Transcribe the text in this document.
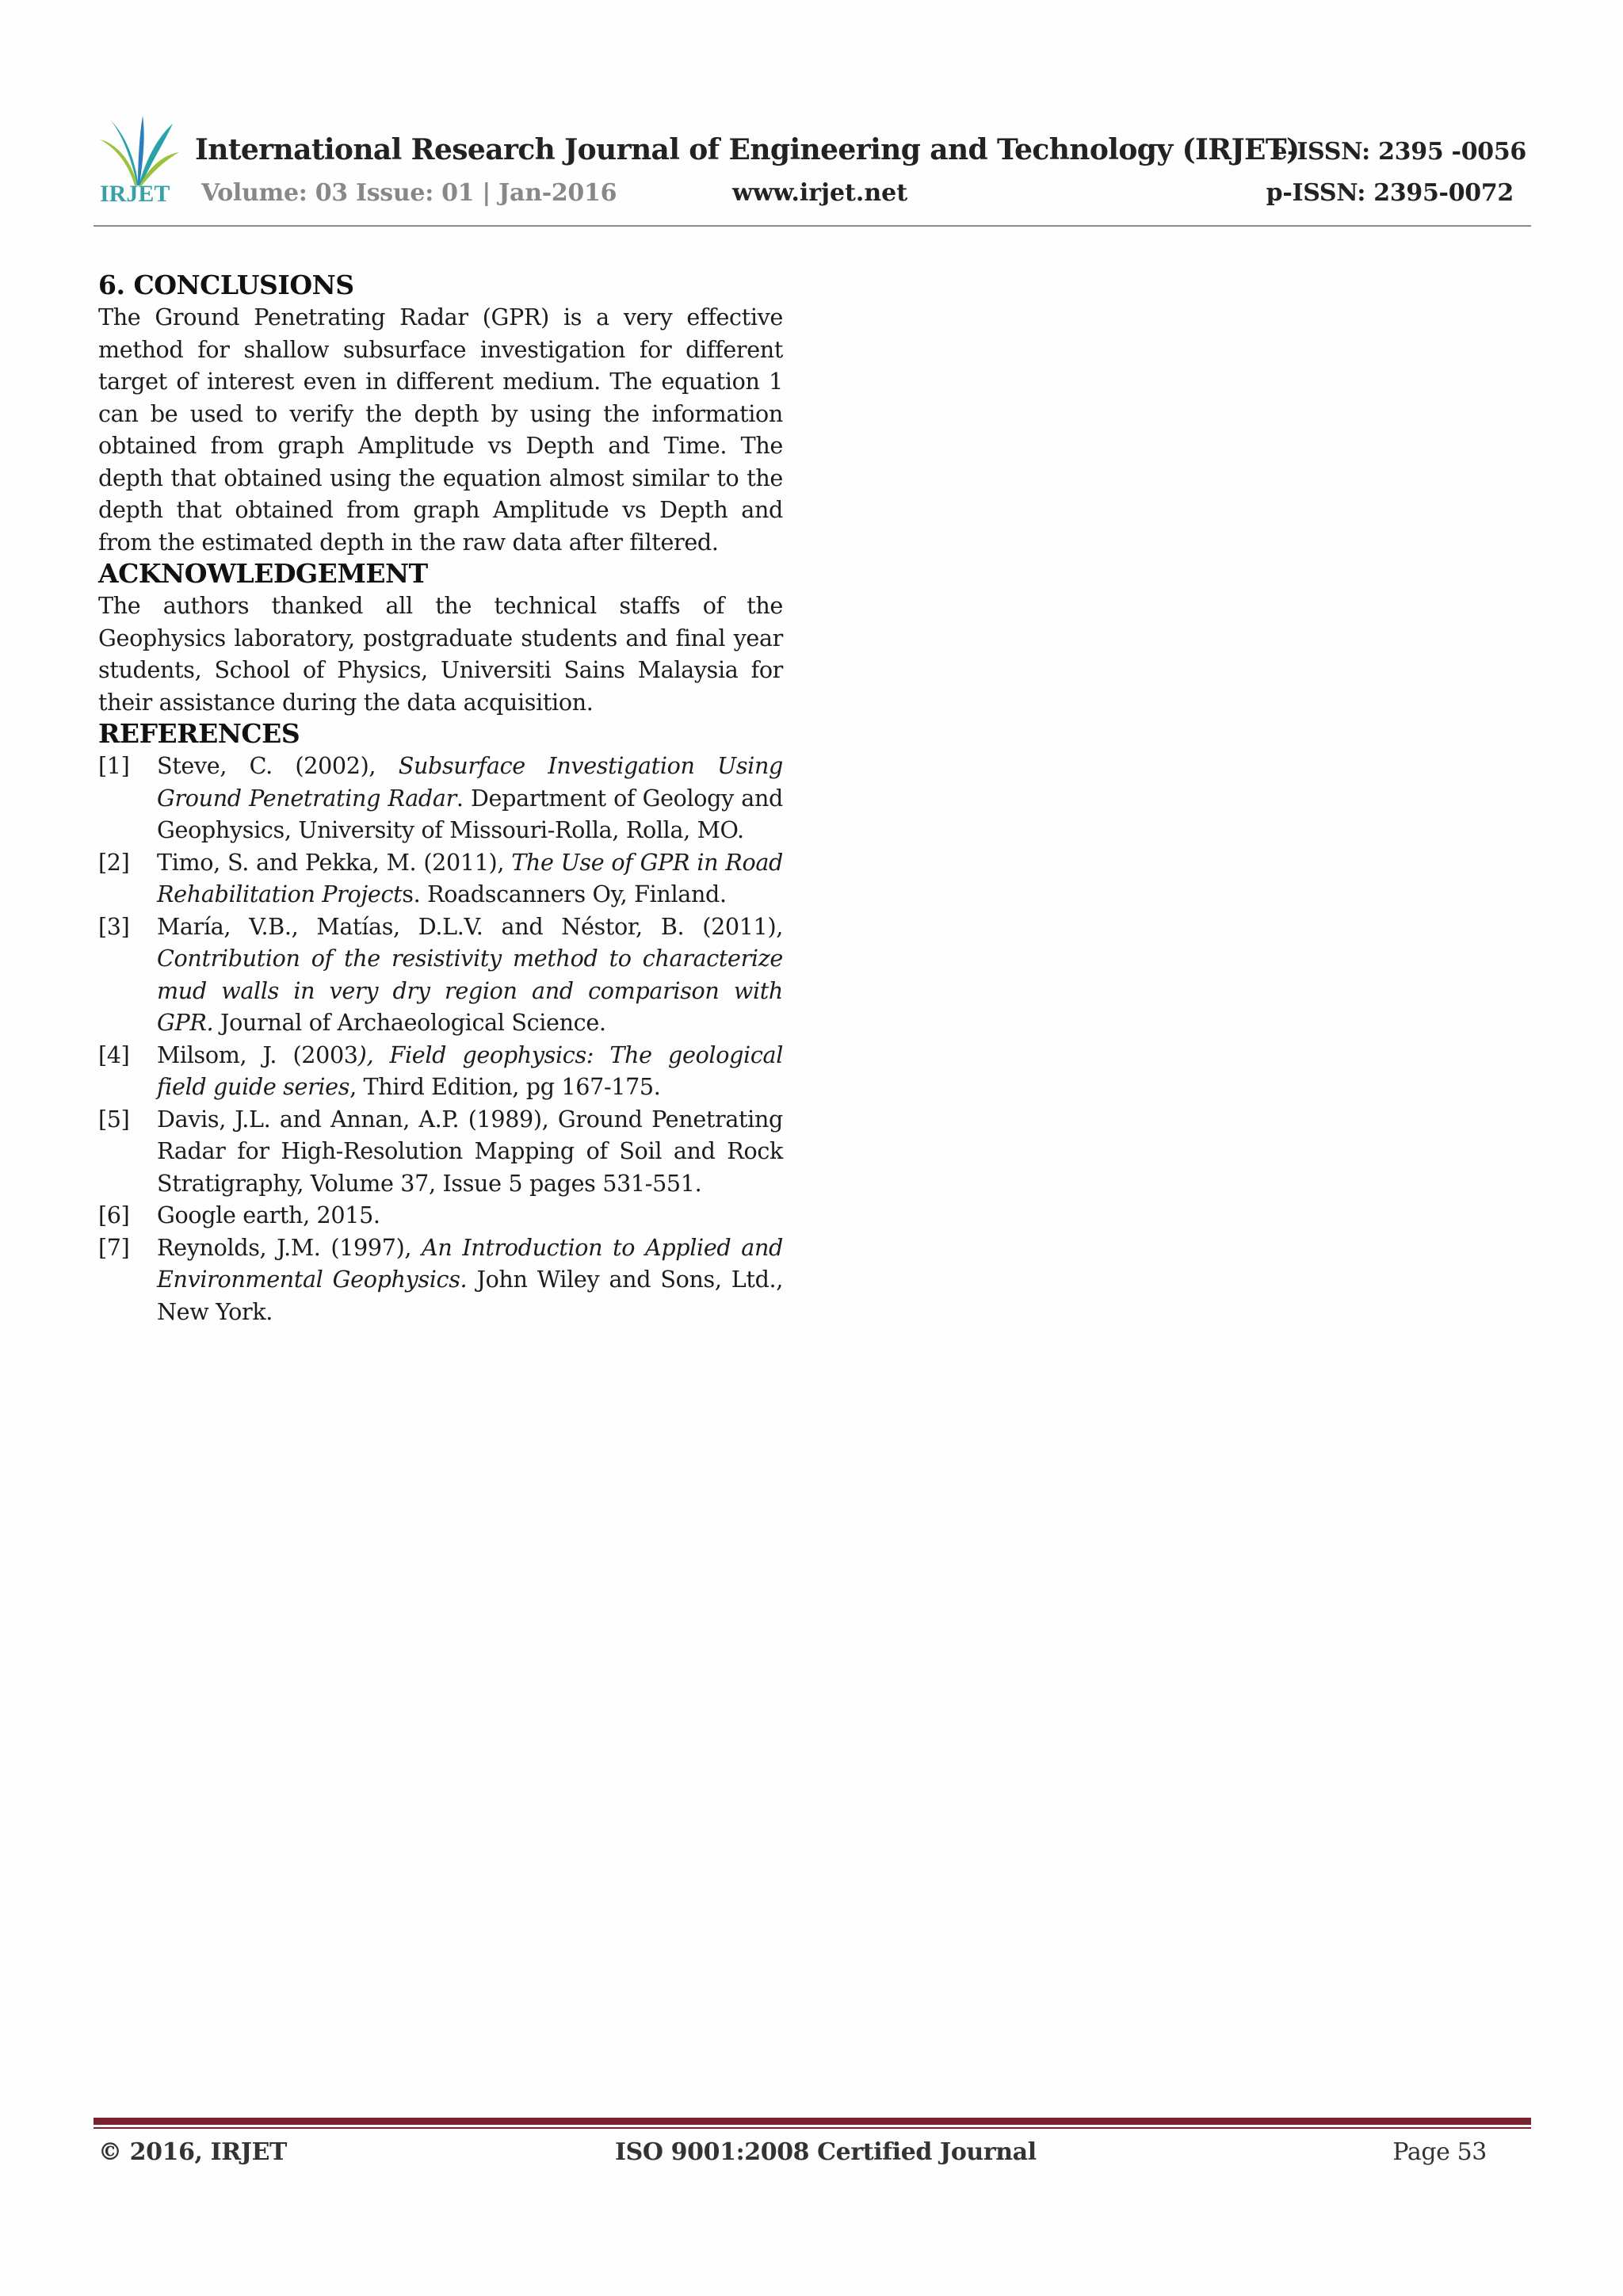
IRJET
International Research Journal of Engineering and Technology (IRJET)
e-ISSN: 2395 -0056
Volume: 03 Issue: 01 | Jan-2016	www.irjet.net	p-ISSN: 2395-0072
6. CONCLUSIONS

The Ground Penetrating Radar (GPR) is a very effective method for shallow subsurface investigation for different target of interest even in different medium. The equation 1 can be used to verify the depth by using the information obtained from graph Amplitude vs Depth and Time. The depth that obtained using the equation almost similar to the depth that obtained from graph Amplitude vs Depth and from the estimated depth in the raw data after filtered.

ACKNOWLEDGEMENT

The authors thanked all the technical staffs of the Geophysics laboratory, postgraduate students and final year students, School of Physics, Universiti Sains Malaysia for their assistance during the data acquisition.

REFERENCES
[1]	Steve, C. (2002), Subsurface Investigation Using Ground Penetrating Radar. Department of Geology and Geophysics, University of Missouri-Rolla, Rolla, MO.
[2]	Timo, S. and Pekka, M. (2011), The Use of GPR in Road Rehabilitation Projects. Roadscanners Oy, Finland.
[3]	María, V.B., Matías, D.L.V. and Néstor, B. (2011), Contribution of the resistivity method to characterize mud walls in very dry region and comparison with GPR. Journal of Archaeological Science.
[4]	Milsom, J. (2003), Field geophysics: The geological field guide series, Third Edition, pg 167-175.
[5]	Davis, J.L. and Annan, A.P. (1989), Ground Penetrating Radar for High-Resolution Mapping of Soil and Rock Stratigraphy, Volume 37, Issue 5 pages 531-551.
[6]	Google earth, 2015.
[7]	Reynolds, J.M. (1997), An Introduction to Applied and Environmental Geophysics. John Wiley and Sons, Ltd., New York.
© 2016, IRJET	ISO 9001:2008 Certified Journal	Page 53
